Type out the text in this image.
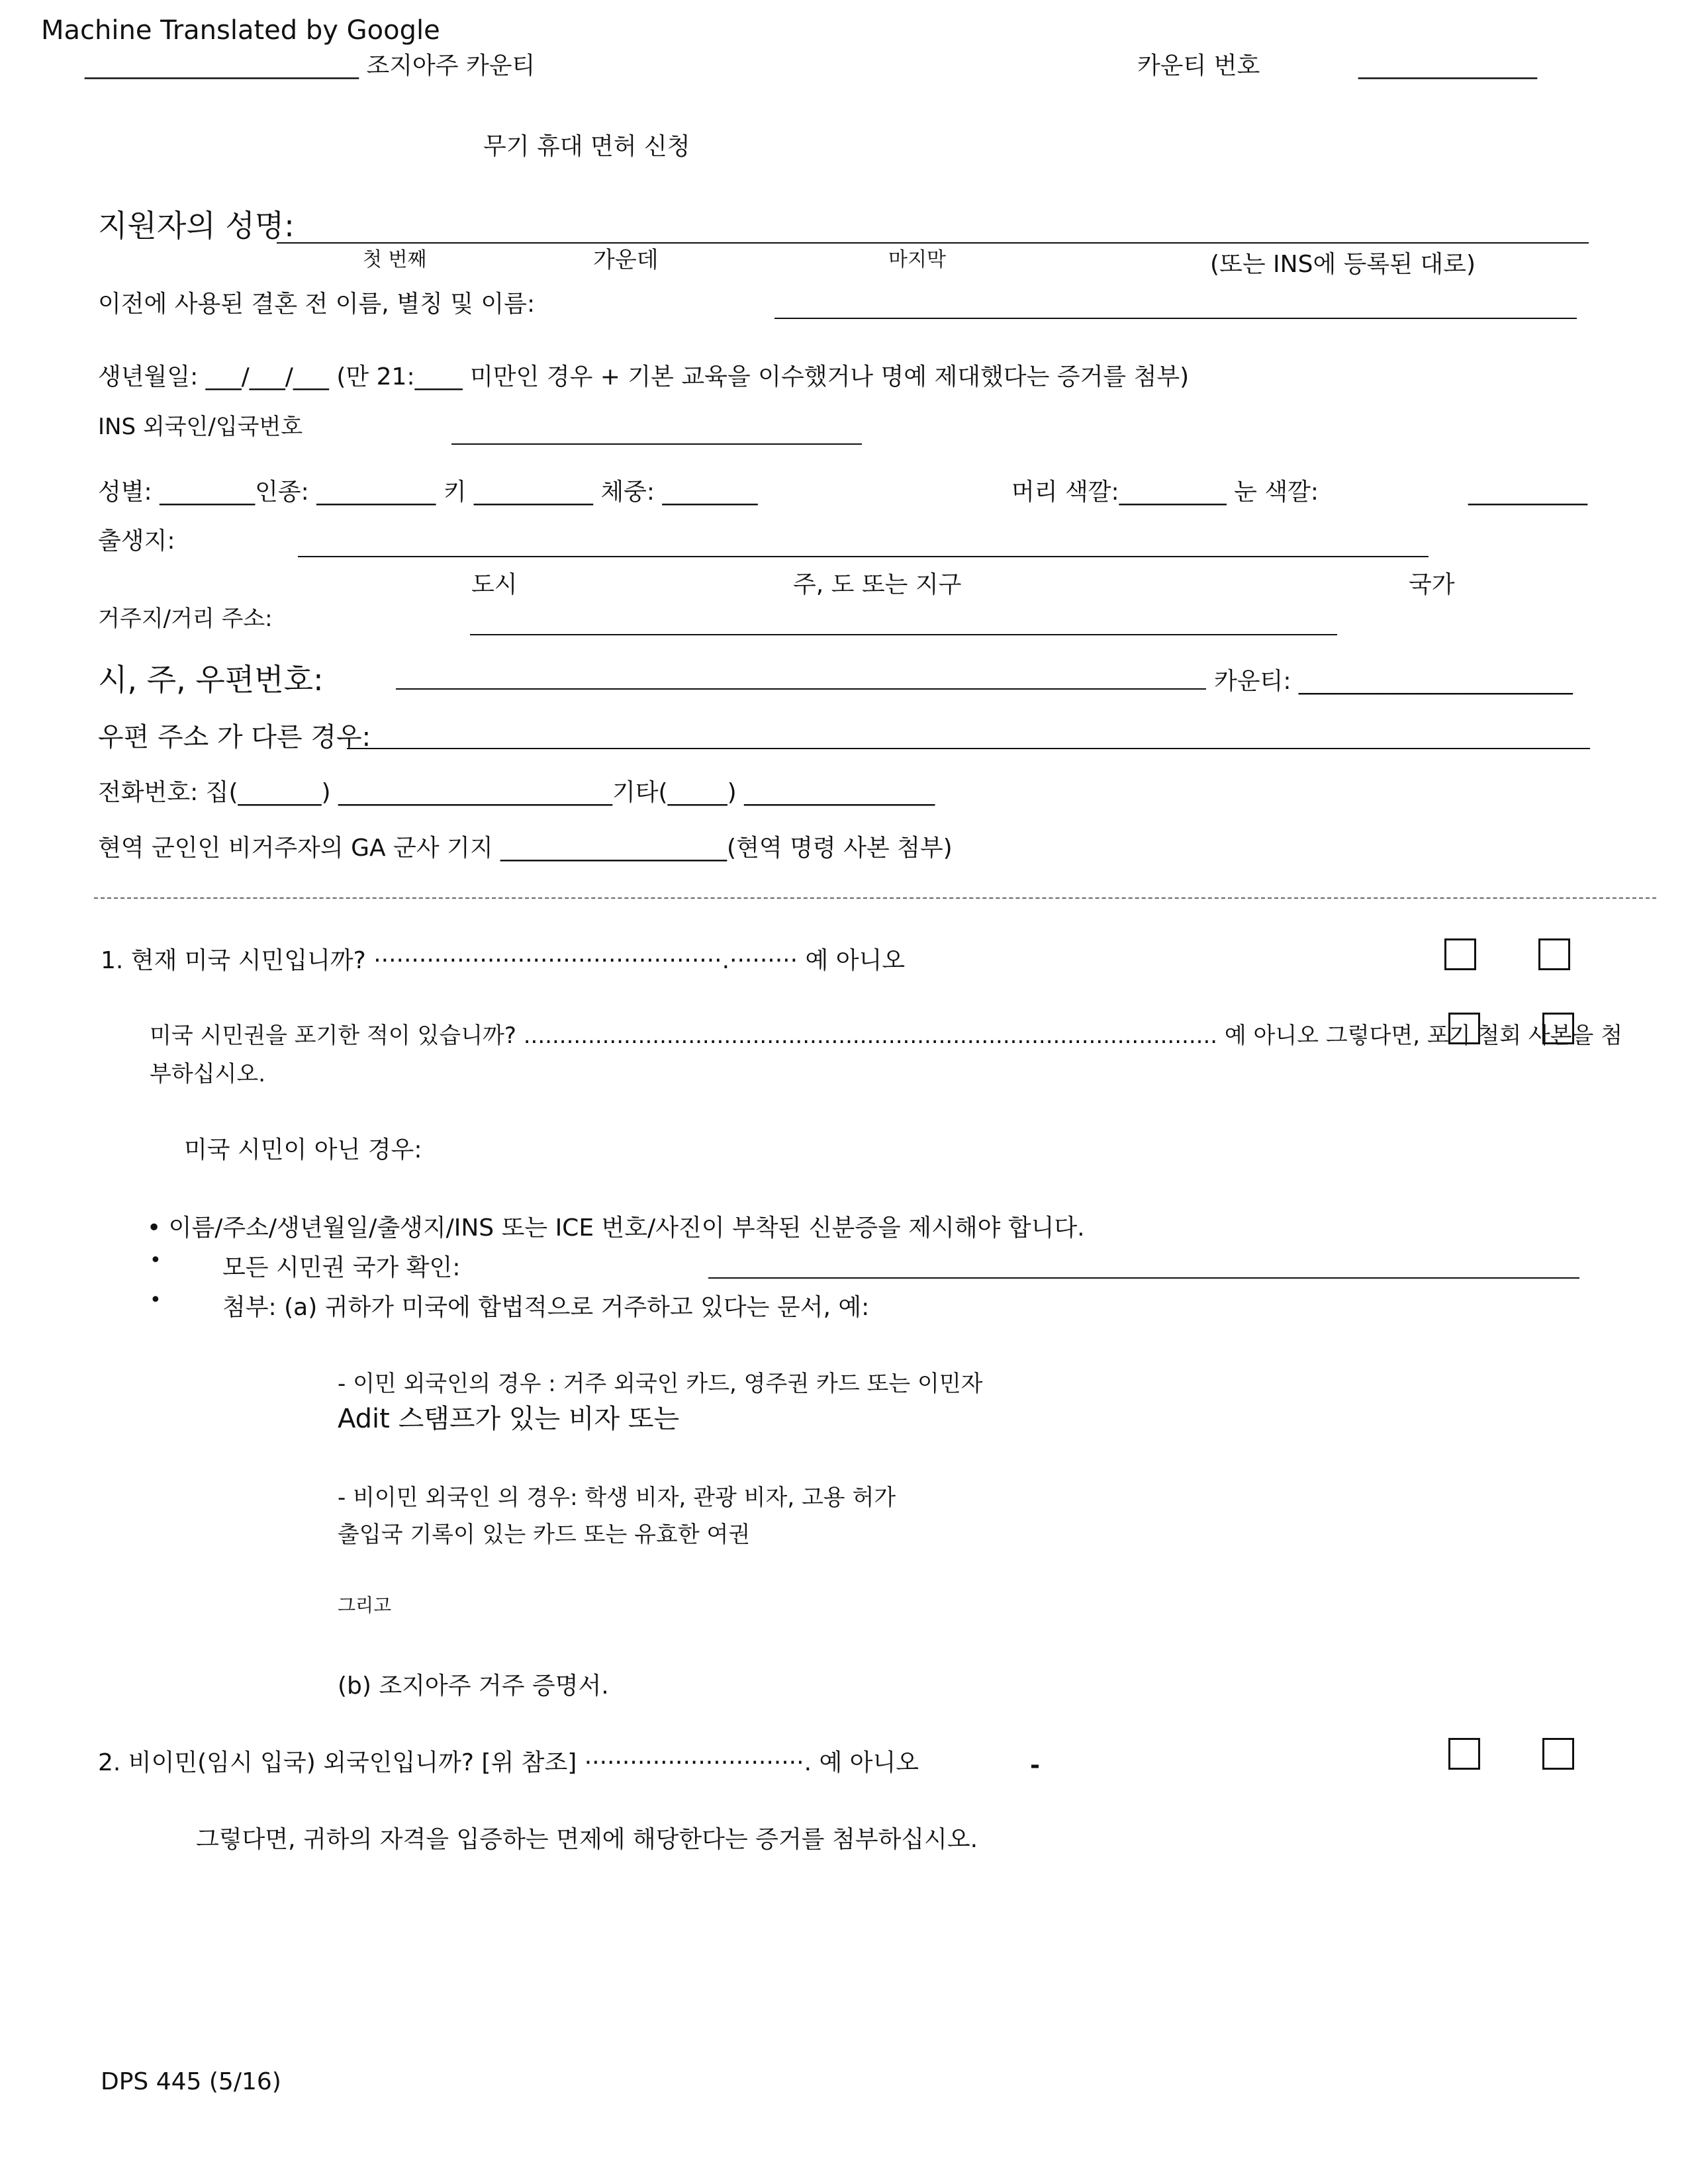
Machine Translated by Google
_______________________ 조지아주 카운티	카운티 번호	_______________
무기 휴대 면허 신청
지원자의 성명:
첫 번째	가운데	마지막	(또는 INS에 등록된 대로)
이전에 사용된 결혼 전 이름, 별칭 및 이름:
생년월일: ___/___/___ (만 21:____ 미만인 경우 + 기본 교육을 이수했거나 명예 제대했다는 증거를 첨부)
INS 외국인/입국번호
성별: ________인종: __________ 키 __________ 체중: ________	머리 색깔:_________ 눈 색깔:	__________
출생지:
도시	주, 도 또는 지구	국가
거주지/거리 주소:
시, 주, 우편번호:	카운티: _______________________
우편 주소 가 다른 경우:
전화번호: 집(_______) _______________________기타(_____) ________________
현역 군인인 비거주자의 GA 군사 기지 ___________________(현역 명령 사본 첨부)
1. 현재 미국 시민입니까? ··············································.········· 예 아니오
미국 시민권을 포기한 적이 있습니까? ................................................................................................. 예 아니오 그렇다면, 포기 철회 사본을 첨
부하십시오.
미국 시민이 아닌 경우:
• 이름/주소/생년월일/출생지/INS 또는 ICE 번호/사진이 부착된 신분증을 제시해야 합니다.
•	모든 시민권 국가 확인:
•	첨부: (a) 귀하가 미국에 합법적으로 거주하고 있다는 문서, 예:
- 이민 외국인의 경우 : 거주 외국인 카드, 영주권 카드 또는 이민자
Adit 스탬프가 있는 비자 또는
- 비이민 외국인 의 경우: 학생 비자, 관광 비자, 고용 허가
출입국 기록이 있는 카드 또는 유효한 여권
그리고
(b) 조지아주 거주 증명서.
2. 비이민(임시 입국) 외국인입니까? [위 참조] ·····························. 예 아니오	-
그렇다면, 귀하의 자격을 입증하는 면제에 해당한다는 증거를 첨부하십시오.
DPS 445 (5/16)
